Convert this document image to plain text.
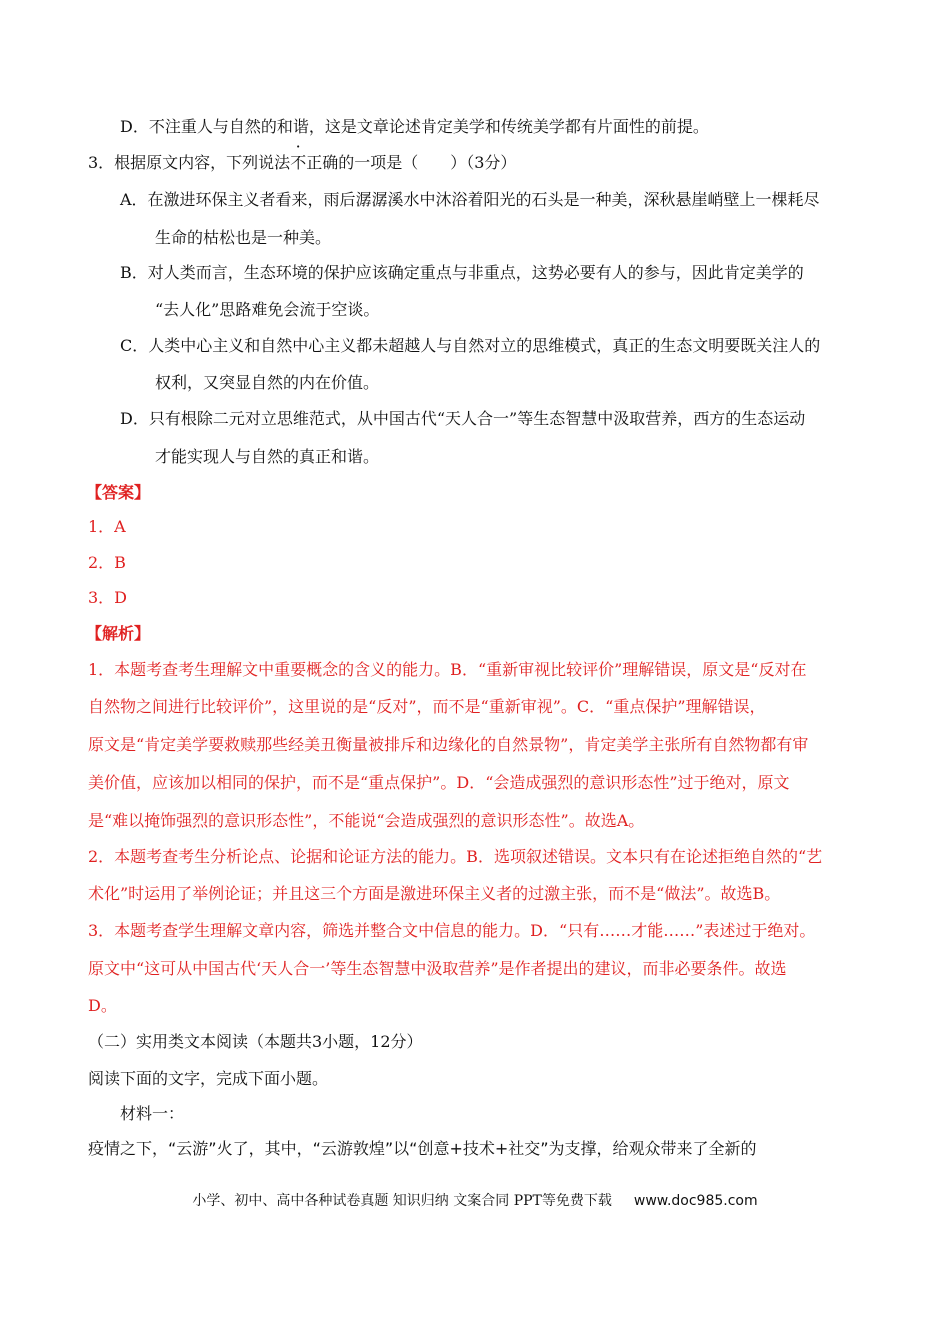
D．不注重人与自然的和谐，这是文章论述肯定美学和传统美学都有片面性的前提。
3．根据原文内容，下列说法不正确的一项是（　　）（3分）
A．在激进环保主义者看来，雨后潺潺溪水中沐浴着阳光的石头是一种美，深秋悬崖峭壁上一棵耗尽
生命的枯松也是一种美。
B．对人类而言，生态环境的保护应该确定重点与非重点，这势必要有人的参与，因此肯定美学的
“去人化”思路难免会流于空谈。
C．人类中心主义和自然中心主义都未超越人与自然对立的思维模式，真正的生态文明要既关注人的
权利，又突显自然的内在价值。
D．只有根除二元对立思维范式，从中国古代“天人合一”等生态智慧中汲取营养，西方的生态运动
才能实现人与自然的真正和谐。
【答案】
1．A
2．B
3．D
【解析】
1．本题考查考生理解文中重要概念的含义的能力。B．“重新审视比较评价”理解错误，原文是“反对在
自然物之间进行比较评价”，这里说的是“反对”，而不是“重新审视”。C．“重点保护”理解错误，
原文是“肯定美学要救赎那些经美丑衡量被排斥和边缘化的自然景物”，肯定美学主张所有自然物都有审
美价值，应该加以相同的保护，而不是“重点保护”。D．“会造成强烈的意识形态性”过于绝对，原文
是“难以掩饰强烈的意识形态性”，不能说“会造成强烈的意识形态性”。故选A。
2．本题考查考生分析论点、论据和论证方法的能力。B．选项叙述错误。文本只有在论述拒绝自然的“艺
术化”时运用了举例论证；并且这三个方面是激进环保主义者的过激主张，而不是“做法”。故选B。
3．本题考查学生理解文章内容，筛选并整合文中信息的能力。D．“只有……才能……”表述过于绝对。
原文中“这可从中国古代‘天人合一’等生态智慧中汲取营养”是作者提出的建议，而非必要条件。故选
D。
（二）实用类文本阅读（本题共3小题，12分）
阅读下面的文字，完成下面小题。
材料一：
疫情之下，“云游”火了，其中，“云游敦煌”以“创意+技术+社交”为支撑，给观众带来了全新的
小学、初中、高中各种试卷真题 知识归纳 文案合同 PPT等免费下载 www.doc985.com
